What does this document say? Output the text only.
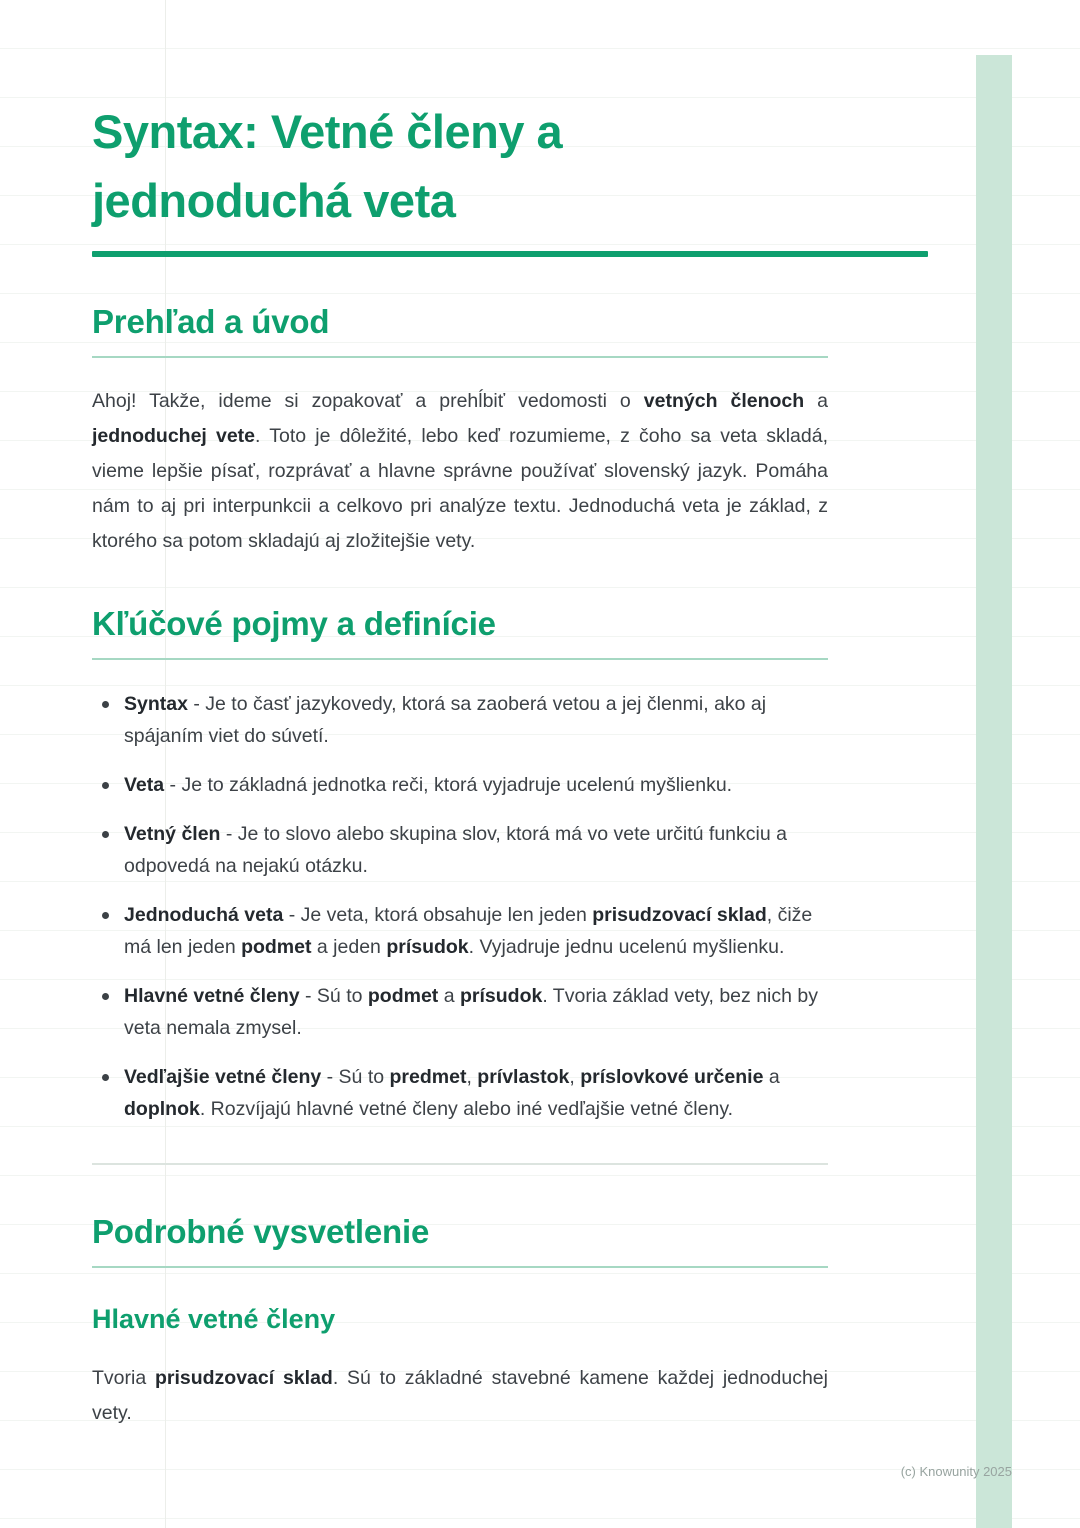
Syntax: Vetné členy a jednoduchá veta
Prehľad a úvod

Ahoj! Takže, ideme si zopakovať a prehĺbiť vedomosti o vetných členoch a jednoduchej vete. Toto je dôležité, lebo keď rozumieme, z čoho sa veta skladá, vieme lepšie písať, rozprávať a hlavne správne používať slovenský jazyk. Pomáha nám to aj pri interpunkcii a celkovo pri analýze textu. Jednoduchá veta je základ, z ktorého sa potom skladajú aj zložitejšie vety.

Kľúčové pojmy a definície
Syntax - Je to časť jazykovedy, ktorá sa zaoberá vetou a jej členmi, ako aj spájaním viet do súvetí.
Veta - Je to základná jednotka reči, ktorá vyjadruje ucelenú myšlienku.
Vetný člen - Je to slovo alebo skupina slov, ktorá má vo vete určitú funkciu a odpovedá na nejakú otázku.
Jednoduchá veta - Je veta, ktorá obsahuje len jeden prisudzovací sklad, čiže má len jeden podmet a jeden prísudok. Vyjadruje jednu ucelenú myšlienku.
Hlavné vetné členy - Sú to podmet a prísudok. Tvoria základ vety, bez nich by veta nemala zmysel.
Vedľajšie vetné členy - Sú to predmet, prívlastok, príslovkové určenie a doplnok. Rozvíjajú hlavné vetné členy alebo iné vedľajšie vetné členy.
Podrobné vysvetlenie
Hlavné vetné členy

Tvoria prisudzovací sklad. Sú to základné stavebné kamene každej jednoduchej vety.

(c) Knowunity 2025
